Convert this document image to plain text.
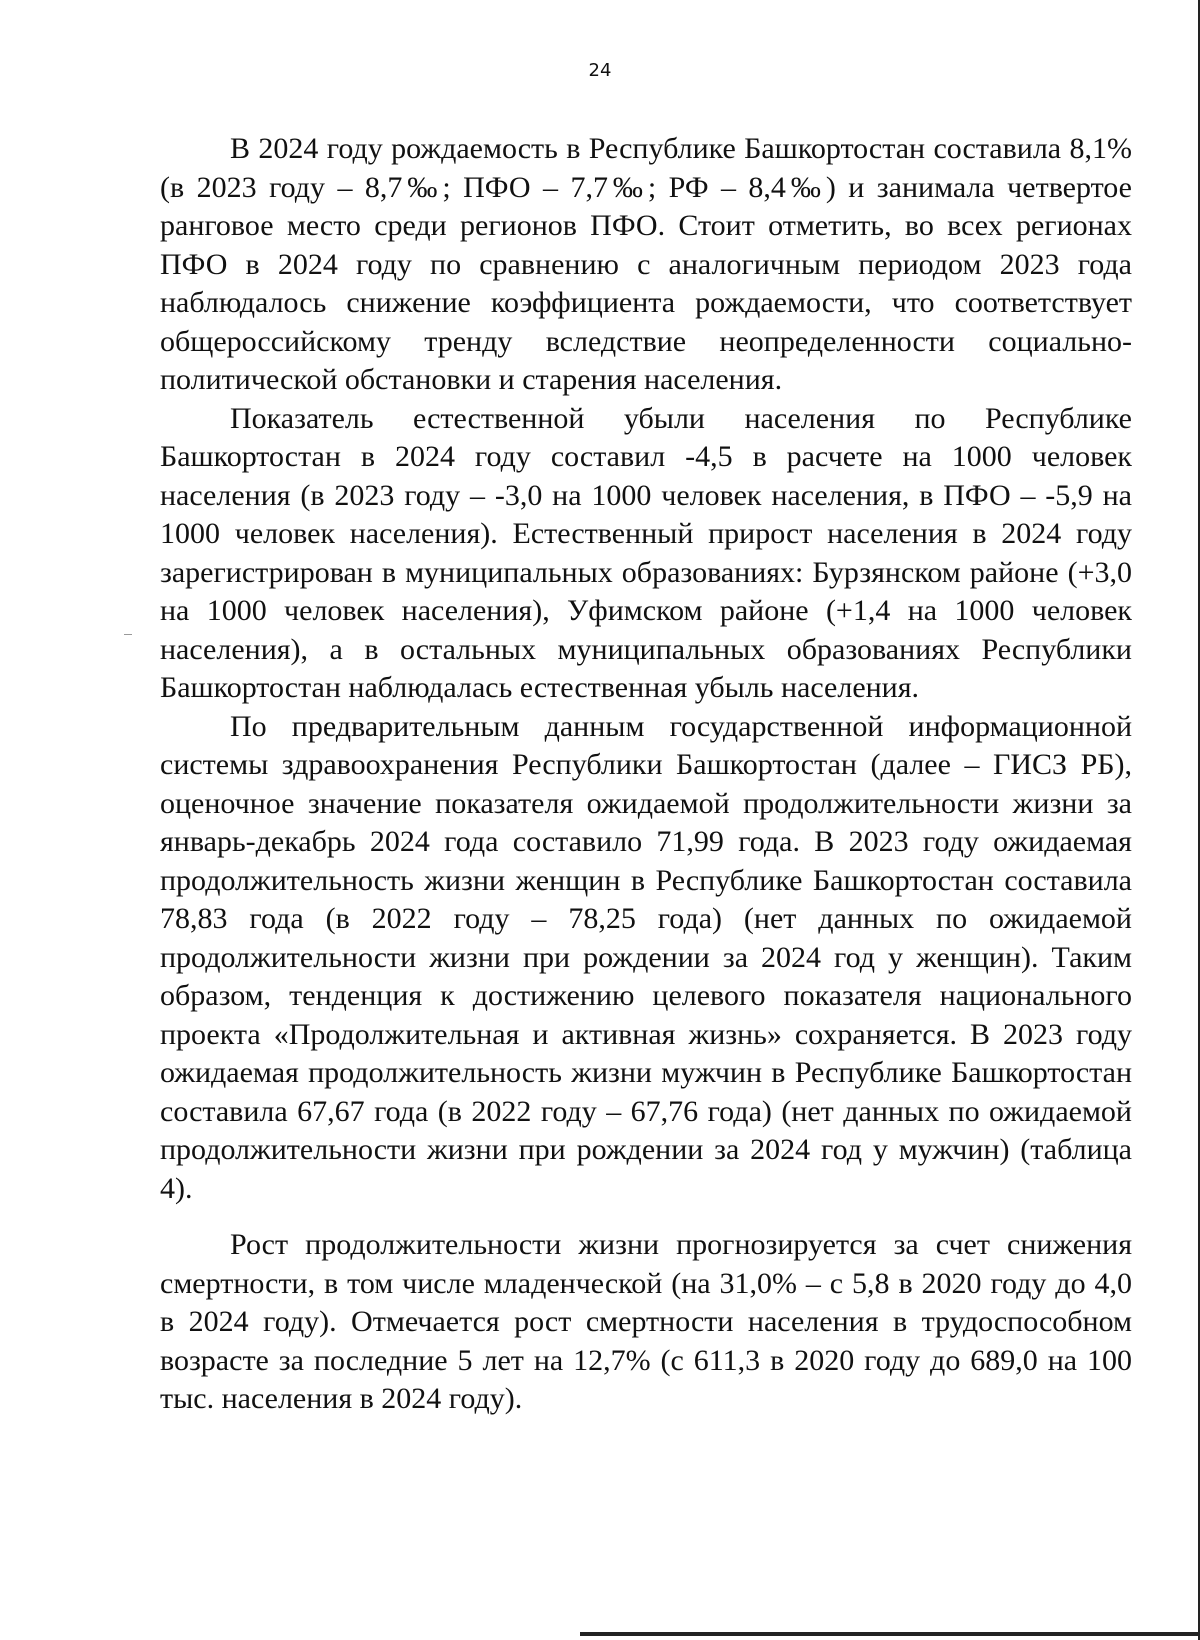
24

В 2024 году рождаемость в Республике Башкортостан составила 8,1% (в 2023 году – 8,7‰; ПФО – 7,7‰; РФ – 8,4‰) и занимала четвертое ранговое место среди регионов ПФО. Стоит отметить, во всех регионах ПФО в 2024 году по сравнению с аналогичным периодом 2023 года наблюдалось снижение коэффициента рождаемости, что соответствует общероссийскому тренду вследствие неопределенности социально-политической обстановки и старения населения.

Показатель естественной убыли населения по Республике Башкортостан в 2024 году составил -4,5 в расчете на 1000 человек населения (в 2023 году – -3,0 на 1000 человек населения, в ПФО – -5,9 на 1000 человек населения). Естественный прирост населения в 2024 году зарегистрирован в муниципальных образованиях: Бурзянском районе (+3,0 на 1000 человек населения), Уфимском районе (+1,4 на 1000 человек населения), а в остальных муниципальных образованиях Республики Башкортостан наблюдалась естественная убыль населения.

По предварительным данным государственной информационной системы здравоохранения Республики Башкортостан (далее – ГИСЗ РБ), оценочное значение показателя ожидаемой продолжительности жизни за январь-декабрь 2024 года составило 71,99 года. В 2023 году ожидаемая продолжительность жизни женщин в Республике Башкортостан составила 78,83 года (в 2022 году – 78,25 года) (нет данных по ожидаемой продолжительности жизни при рождении за 2024 год у женщин). Таким образом, тенденция к достижению целевого показателя национального проекта «Продолжительная и активная жизнь» сохраняется. В 2023 году ожидаемая продолжительность жизни мужчин в Республике Башкортостан составила 67,67 года (в 2022 году – 67,76 года) (нет данных по ожидаемой продолжительности жизни при рождении за 2024 год у мужчин) (таблица 4).

Рост продолжительности жизни прогнозируется за счет снижения смертности, в том числе младенческой (на 31,0% – с 5,8 в 2020 году до 4,0 в 2024 году). Отмечается рост смертности населения в трудоспособном возрасте за последние 5 лет на 12,7% (с 611,3 в 2020 году до 689,0 на 100 тыс. населения в 2024 году).
